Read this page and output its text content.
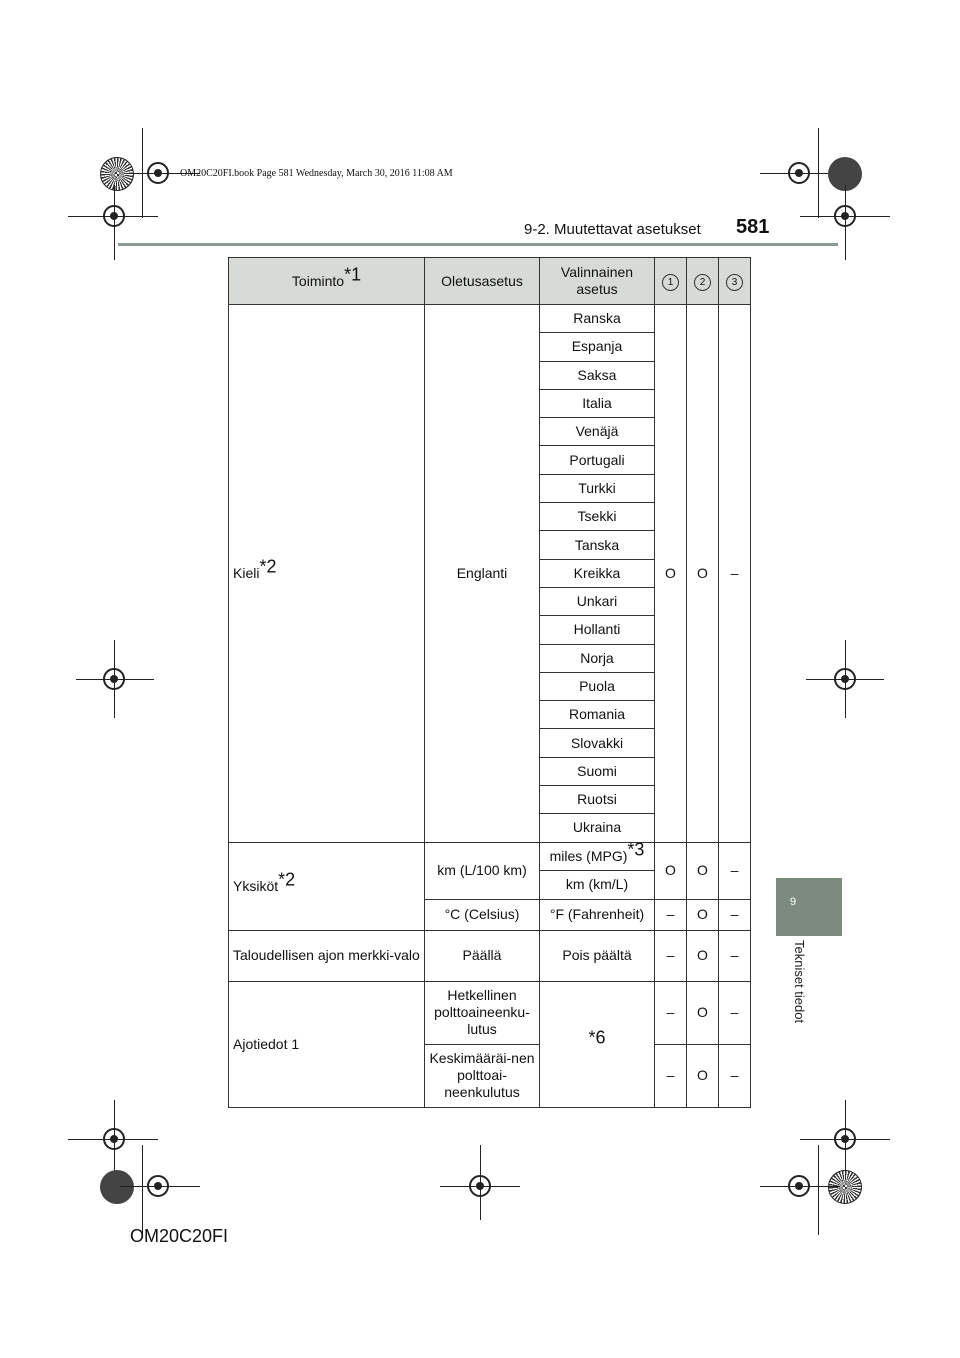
OM20C20FI.book Page 581 Wednesday, March 30, 2016 11:08 AM
9-2. Muutettavat asetukset 581
9
Tekniset tiedot
Toiminto$^{*1}$	Oletusasetus	Valinnainen asetus	1	2	3
Kieli$^{*2}$	Englanti	Ranska	O	O	–
		Espanja			
		Saksa			
		Italia			
		Venäjä			
		Portugali			
		Turkki			
		Tsekki			
		Tanska			
		Kreikka			
		Unkari			
		Hollanti			
		Norja			
		Puola			
		Romania			
		Slovakki			
		Suomi			
		Ruotsi			
		Ukraina			
Yksiköt$^{*2}$	km (L/100 km)	miles (MPG)$^{*3}$	O	O	–
		km (km/L)			
	°C (Celsius)	°F (Fahrenheit)	–	O	–
Taloudellisen ajon merkki-valo	Päällä	Pois päältä	–	O	–
Ajotiedot 1	Hetkellinen polttoaineenku-lutus	*6	–	O	–
	Keskimääräi-nen polttoai-neenkulutus		–	O	–
OM20C20FI
